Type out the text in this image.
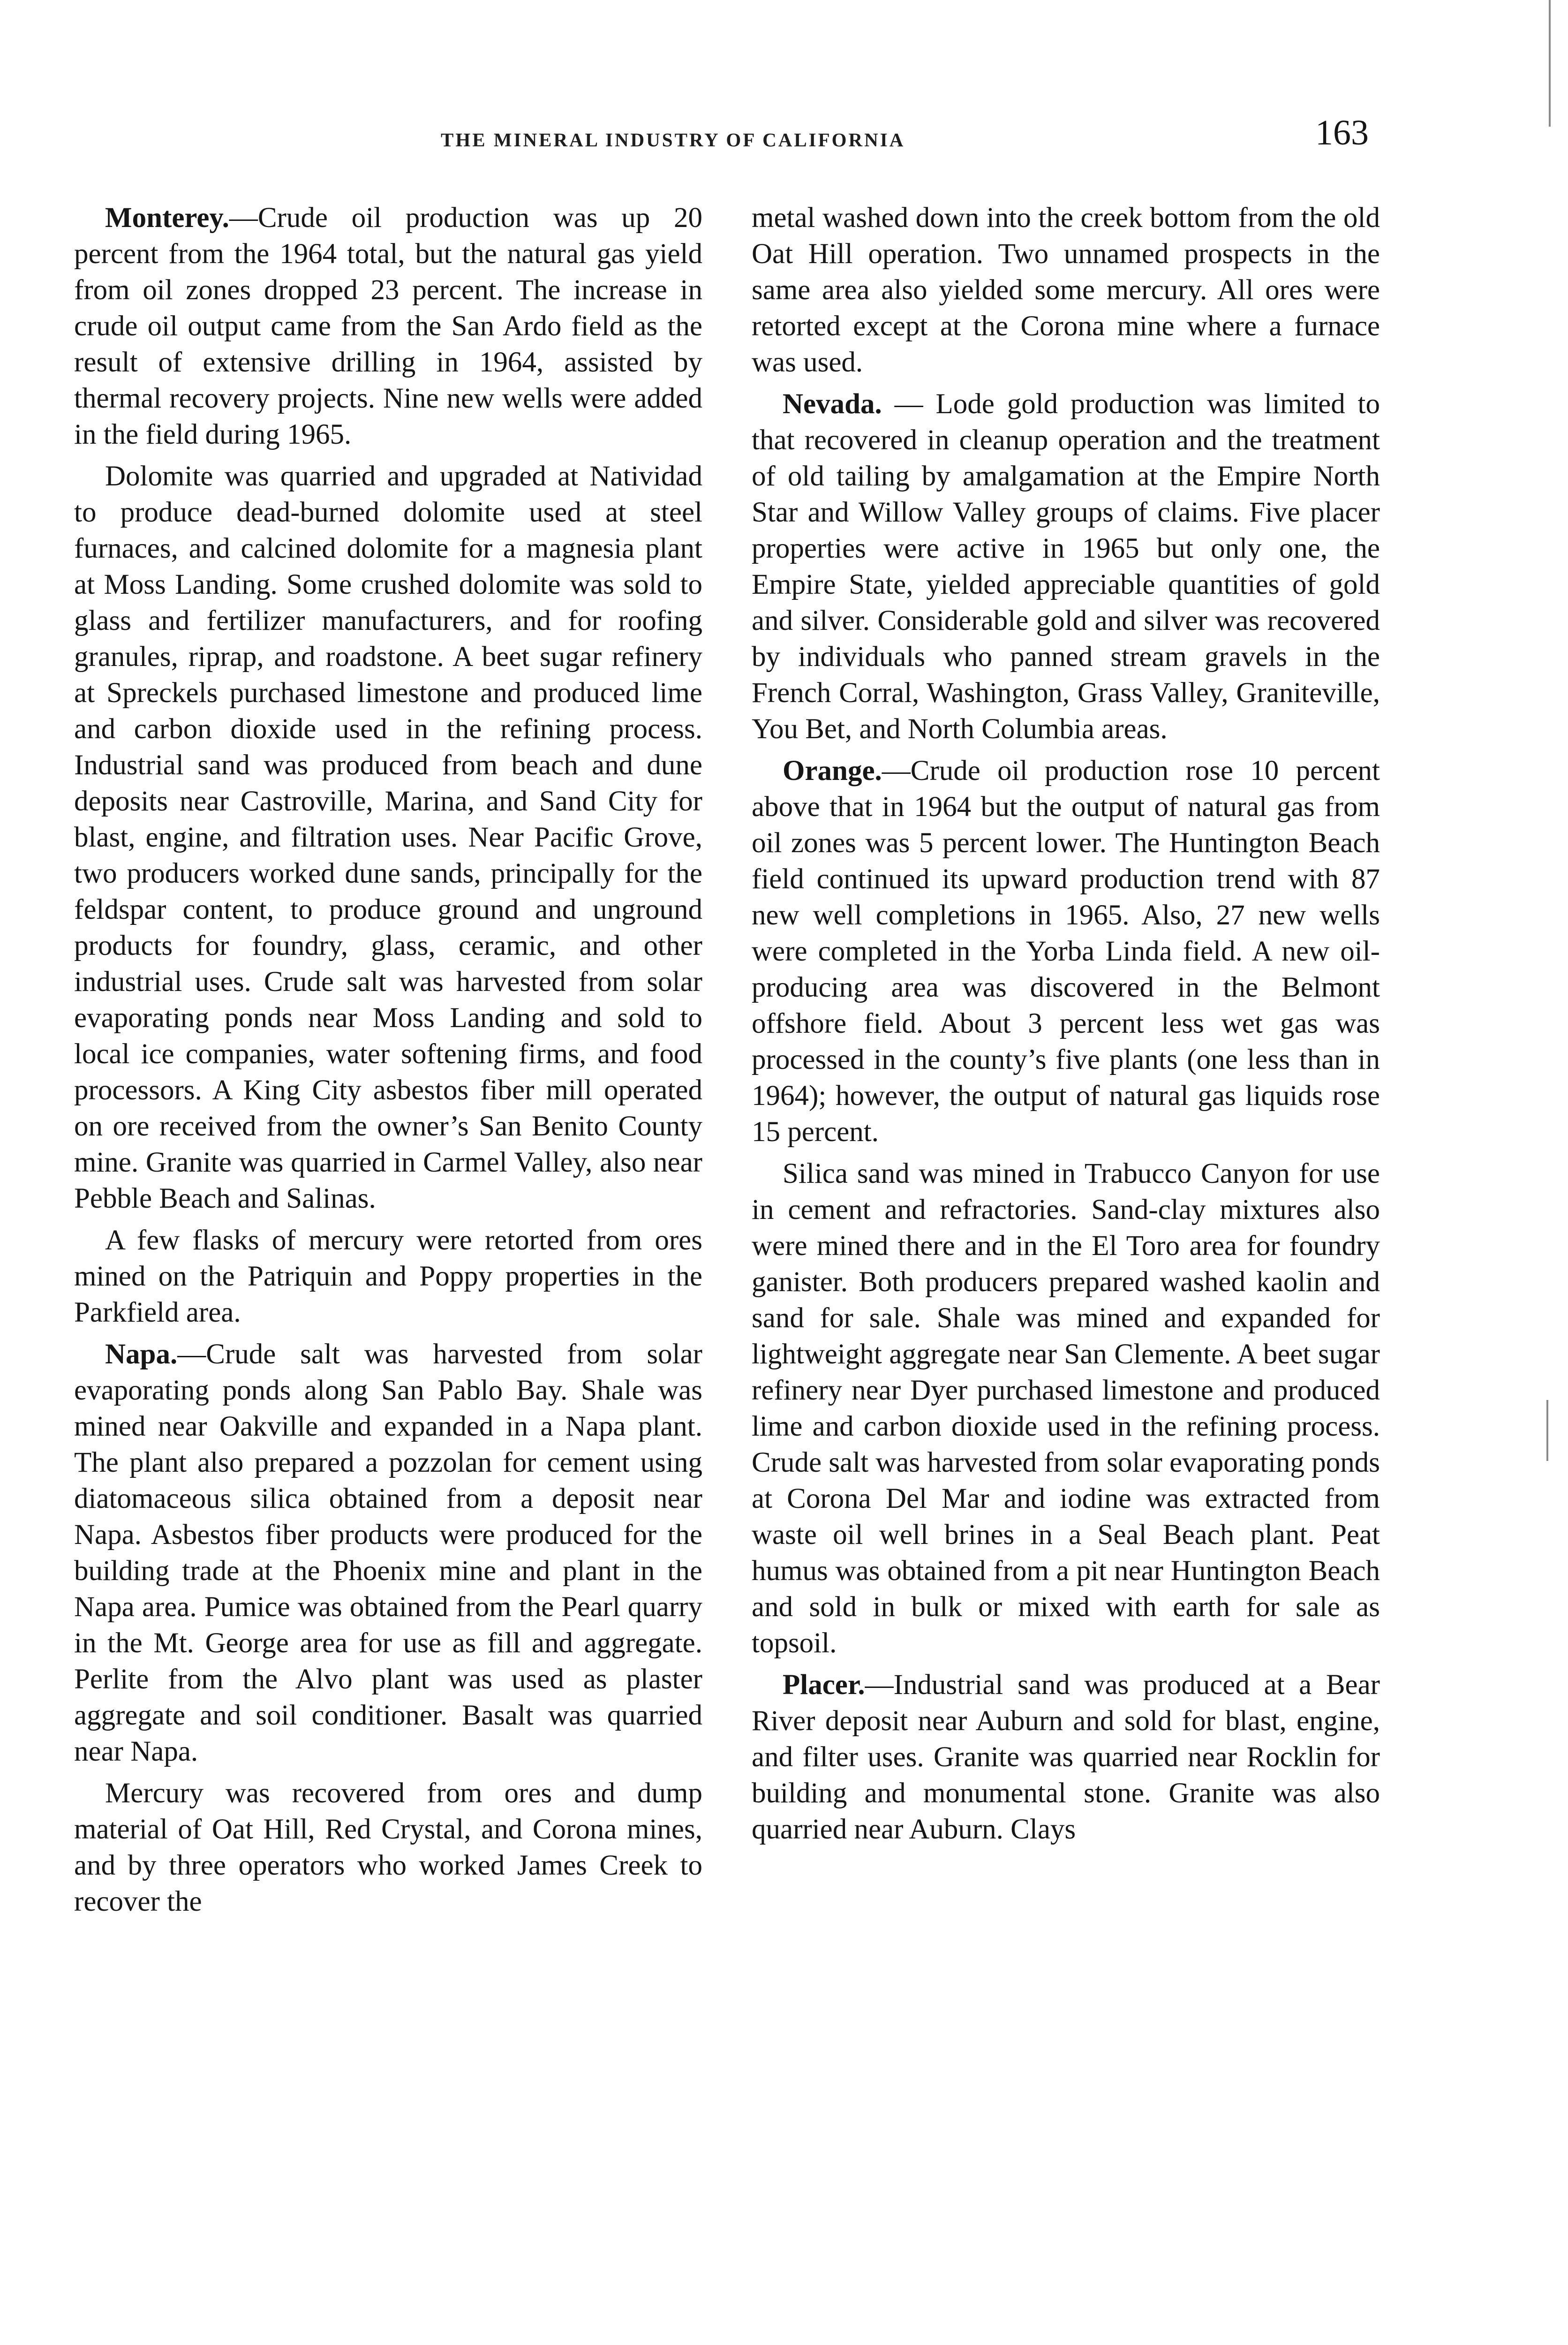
THE MINERAL INDUSTRY OF CALIFORNIA	163

Monterey.—Crude oil production was up 20 percent from the 1964 total, but the natural gas yield from oil zones dropped 23 percent. The increase in crude oil output came from the San Ardo field as the result of extensive drilling in 1964, assisted by thermal recovery projects. Nine new wells were added in the field during 1965.

Dolomite was quarried and upgraded at Natividad to produce dead-burned dolomite used at steel furnaces, and calcined dolomite for a magnesia plant at Moss Landing. Some crushed dolomite was sold to glass and fertilizer manufacturers, and for roofing granules, riprap, and roadstone. A beet sugar refinery at Spreckels purchased limestone and produced lime and carbon dioxide used in the refining process. Industrial sand was produced from beach and dune deposits near Castroville, Marina, and Sand City for blast, engine, and filtration uses. Near Pacific Grove, two producers worked dune sands, principally for the feldspar content, to produce ground and unground products for foundry, glass, ceramic, and other industrial uses. Crude salt was harvested from solar evaporating ponds near Moss Landing and sold to local ice companies, water softening firms, and food processors. A King City asbestos fiber mill operated on ore received from the owner’s San Benito County mine. Granite was quarried in Carmel Valley, also near Pebble Beach and Salinas.

A few flasks of mercury were retorted from ores mined on the Patriquin and Poppy properties in the Parkfield area.

Napa.—Crude salt was harvested from solar evaporating ponds along San Pablo Bay. Shale was mined near Oakville and expanded in a Napa plant. The plant also prepared a pozzolan for cement using diatomaceous silica obtained from a deposit near Napa. Asbestos fiber products were produced for the building trade at the Phoenix mine and plant in the Napa area. Pumice was obtained from the Pearl quarry in the Mt. George area for use as fill and aggregate. Perlite from the Alvo plant was used as plaster aggregate and soil conditioner. Basalt was quarried near Napa.

Mercury was recovered from ores and dump material of Oat Hill, Red Crystal, and Corona mines, and by three operators who worked James Creek to recover the

metal washed down into the creek bottom from the old Oat Hill operation. Two unnamed prospects in the same area also yielded some mercury. All ores were retorted except at the Corona mine where a furnace was used.

Nevada. — Lode gold production was limited to that recovered in cleanup operation and the treatment of old tailing by amalgamation at the Empire North Star and Willow Valley groups of claims. Five placer properties were active in 1965 but only one, the Empire State, yielded appreciable quantities of gold and silver. Considerable gold and silver was recovered by individuals who panned stream gravels in the French Corral, Washington, Grass Valley, Graniteville, You Bet, and North Columbia areas.

Orange.—Crude oil production rose 10 percent above that in 1964 but the output of natural gas from oil zones was 5 percent lower. The Huntington Beach field continued its upward production trend with 87 new well completions in 1965. Also, 27 new wells were completed in the Yorba Linda field. A new oil-producing area was discovered in the Belmont offshore field. About 3 percent less wet gas was processed in the county’s five plants (one less than in 1964); however, the output of natural gas liquids rose 15 percent.

Silica sand was mined in Trabucco Canyon for use in cement and refractories. Sand-clay mixtures also were mined there and in the El Toro area for foundry ganister. Both producers prepared washed kaolin and sand for sale. Shale was mined and expanded for lightweight aggregate near San Clemente. A beet sugar refinery near Dyer purchased limestone and produced lime and carbon dioxide used in the refining process. Crude salt was harvested from solar evaporating ponds at Corona Del Mar and iodine was extracted from waste oil well brines in a Seal Beach plant. Peat humus was obtained from a pit near Huntington Beach and sold in bulk or mixed with earth for sale as topsoil.

Placer.—Industrial sand was produced at a Bear River deposit near Auburn and sold for blast, engine, and filter uses. Granite was quarried near Rocklin for building and monumental stone. Granite was also quarried near Auburn. Clays
